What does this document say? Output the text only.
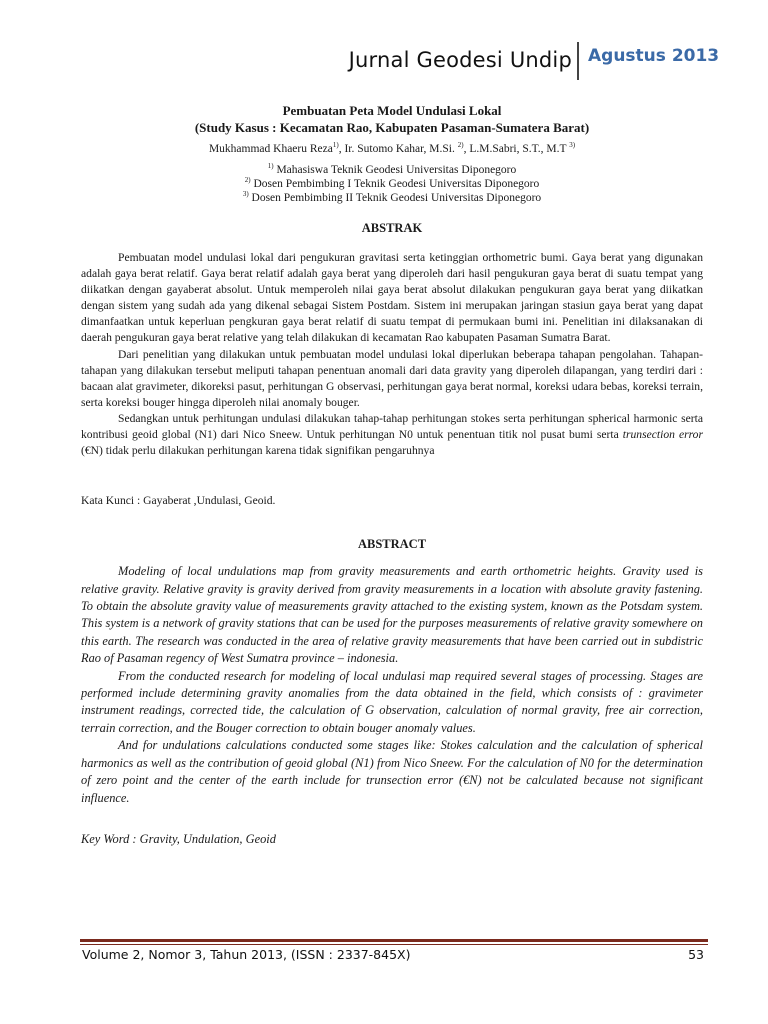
Jurnal Geodesi Undip Agustus 2013

Pembuatan Peta Model Undulasi Lokal
(Study Kasus : Kecamatan Rao, Kabupaten Pasaman-Sumatera Barat)

Mukhammad Khaeru Reza$^{1)}$, Ir. Sutomo Kahar, M.Si. $^{2)}$, L.M.Sabri, S.T., M.T $^{3)}$

$^{1)}$ Mahasiswa Teknik Geodesi Universitas Diponegoro

$^{2)}$ Dosen Pembimbing I Teknik Geodesi Universitas Diponegoro

$^{3)}$ Dosen Pembimbing II Teknik Geodesi Universitas Diponegoro

ABSTRAK

Pembuatan model undulasi lokal dari pengukuran gravitasi serta ketinggian orthometric bumi. Gaya berat yang digunakan adalah gaya berat relatif. Gaya berat relatif adalah gaya berat yang diperoleh dari hasil pengukuran gaya berat di suatu tempat yang diikatkan dengan gayaberat absolut. Untuk memperoleh nilai gaya berat absolut dilakukan pengukuran gaya berat yang diikatkan dengan sistem yang sudah ada yang dikenal sebagai Sistem Postdam. Sistem ini merupakan jaringan stasiun gaya berat yang dapat dimanfaatkan untuk keperluan pengkuran gaya berat relatif di suatu tempat di permukaan bumi ini. Penelitian ini dilaksanakan di daerah pengukuran gaya berat relative yang telah dilakukan di kecamatan Rao kabupaten Pasaman Sumatra Barat.

Dari penelitian yang dilakukan untuk pembuatan model undulasi lokal diperlukan beberapa tahapan pengolahan. Tahapan-tahapan yang dilakukan tersebut meliputi tahapan penentuan anomali dari data gravity yang diperoleh dilapangan, yang terdiri dari : bacaan alat gravimeter, dikoreksi pasut, perhitungan G observasi, perhitungan gaya berat normal, koreksi udara bebas, koreksi terrain, serta koreksi bouger hingga diperoleh nilai anomaly bouger.

Sedangkan untuk perhitungan undulasi dilakukan tahap-tahap perhitungan stokes serta perhitungan spherical harmonic serta kontribusi geoid global (N1) dari Nico Sneew. Untuk perhitungan N0 untuk penentuan titik nol pusat bumi serta trunsection error (€N) tidak perlu dilakukan perhitungan karena tidak signifikan pengaruhnya

Kata Kunci : Gayaberat ,Undulasi, Geoid.

ABSTRACT

Modeling of local undulations map from gravity measurements and earth orthometric heights. Gravity used is relative gravity. Relative gravity is gravity derived from gravity measurements in a location with absolute gravity fastening. To obtain the absolute gravity value of measurements gravity attached to the existing system, known as the Potsdam system. This system is a network of gravity stations that can be used for the purposes measurements of relative gravity somewhere on this earth. The research was conducted in the area of relative gravity measurements that have been carried out in subdistric Rao of Pasaman regency of West Sumatra province – indonesia.

From the conducted research for modeling of local undulasi map required several stages of processing. Stages are performed include determining gravity anomalies from the data obtained in the field, which consists of : gravimeter instrument readings, corrected tide, the calculation of G observation, calculation of normal gravity, free air correction, terrain correction, and the Bouger correction to obtain bouger anomaly values.

And for undulations calculations conducted some stages like: Stokes calculation and the calculation of spherical harmonics as well as the contribution of geoid global (N1) from Nico Sneew. For the calculation of N0 for the determination of zero point and the center of the earth include for trunsection error (€N) not be calculated because not significant influence.

Key Word : Gravity, Undulation, Geoid

Volume 2, Nomor 3, Tahun 2013, (ISSN : 2337-845X)	53
